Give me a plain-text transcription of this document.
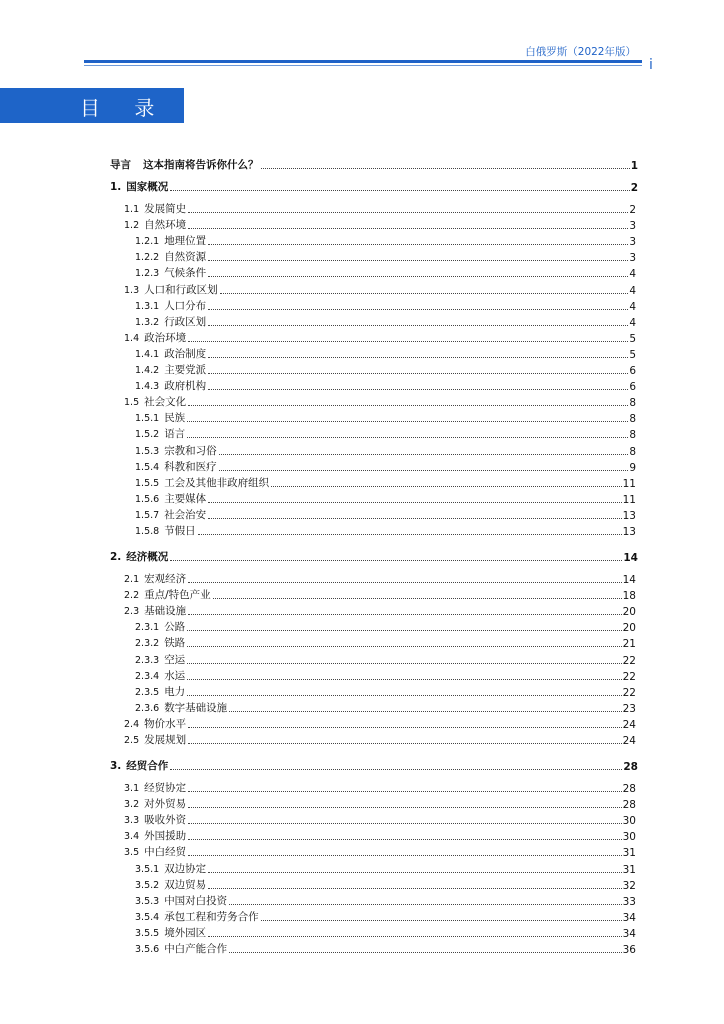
白俄罗斯（2022年版）
i
目 录
导言 这本指南将告诉你什么？	1
1. 国家概况	2
1.1 发展简史	2
1.2 自然环境	3
1.2.1 地理位置	3
1.2.2 自然资源	3
1.2.3 气候条件	4
1.3 人口和行政区划	4
1.3.1 人口分布	4
1.3.2 行政区划	4
1.4 政治环境	5
1.4.1 政治制度	5
1.4.2 主要党派	6
1.4.3 政府机构	6
1.5 社会文化	8
1.5.1 民族	8
1.5.2 语言	8
1.5.3 宗教和习俗	8
1.5.4 科教和医疗	9
1.5.5 工会及其他非政府组织	11
1.5.6 主要媒体	11
1.5.7 社会治安	13
1.5.8 节假日	13
2. 经济概况	14
2.1 宏观经济	14
2.2 重点/特色产业	18
2.3 基础设施	20
2.3.1 公路	20
2.3.2 铁路	21
2.3.3 空运	22
2.3.4 水运	22
2.3.5 电力	22
2.3.6 数字基础设施	23
2.4 物价水平	24
2.5 发展规划	24
3. 经贸合作	28
3.1 经贸协定	28
3.2 对外贸易	28
3.3 吸收外资	30
3.4 外国援助	30
3.5 中白经贸	31
3.5.1 双边协定	31
3.5.2 双边贸易	32
3.5.3 中国对白投资	33
3.5.4 承包工程和劳务合作	34
3.5.5 境外园区	34
3.5.6 中白产能合作	36
